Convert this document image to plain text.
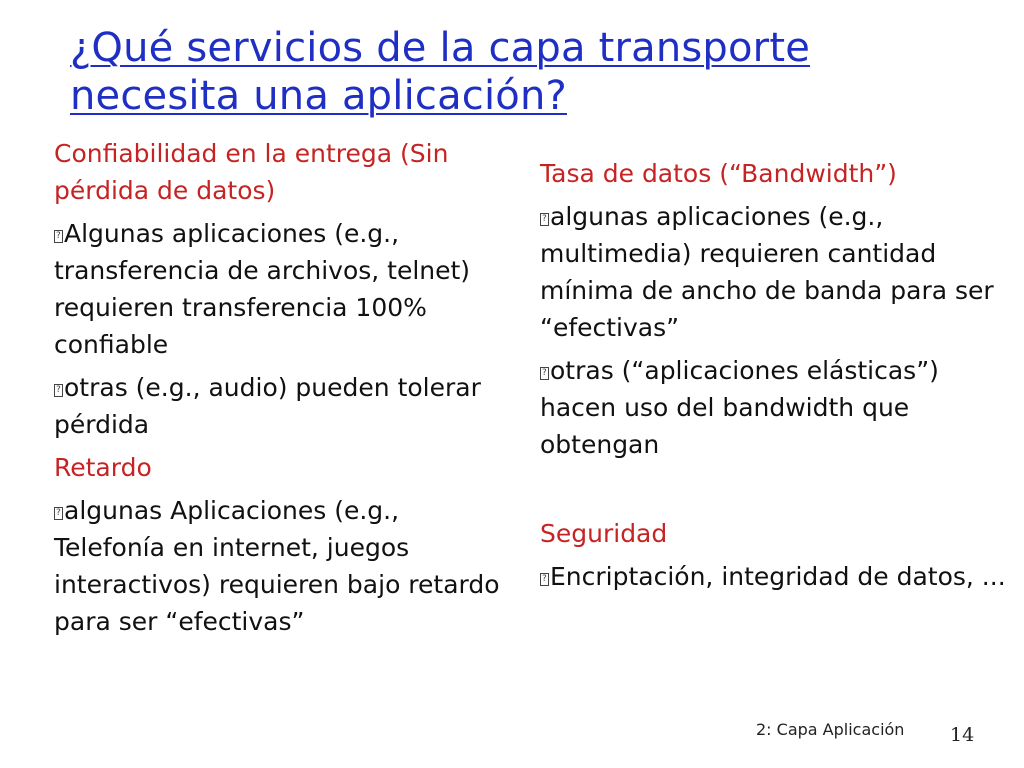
¿Qué servicios de la capa transporte
necesita una aplicación?
Confiabilidad en la entrega (Sin pérdida de datos)
?Algunas aplicaciones (e.g., transferencia de archivos, telnet) requieren transferencia 100% confiable
?otras (e.g., audio) pueden tolerar pérdida
Retardo
?algunas Aplicaciones (e.g., Telefonía en internet, juegos interactivos) requieren bajo retardo para ser “efectivas”
Tasa de datos (“Bandwidth”)
?algunas aplicaciones (e.g., multimedia) requieren cantidad mínima de ancho de banda para ser “efectivas”
?otras (“aplicaciones elásticas”) hacen uso del bandwidth que obtengan
Seguridad
?Encriptación, integridad de datos, ...
2: Capa Aplicación 14
